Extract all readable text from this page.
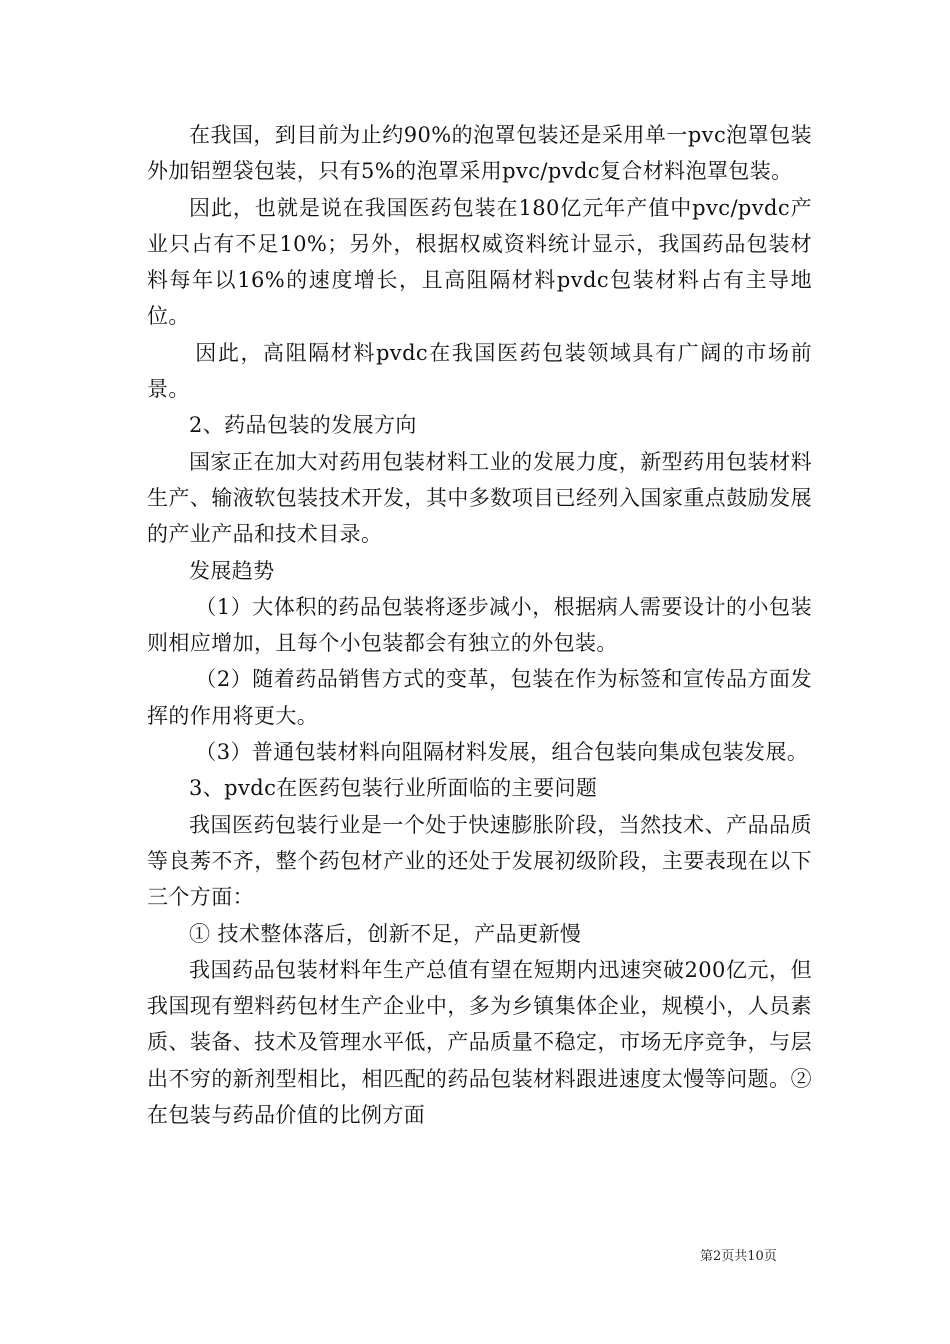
在我国，到目前为止约90%的泡罩包装还是采用单一pvc泡罩包装外加铝塑袋包装，只有5%的泡罩采用pvc/pvdc复合材料泡罩包装。

因此，也就是说在我国医药包装在180亿元年产值中pvc/pvdc产业只占有不足10%；另外，根据权威资料统计显示，我国药品包装材料每年以16%的速度增长，且高阻隔材料pvdc包装材料占有主导地位。

因此，高阻隔材料pvdc在我国医药包装领域具有广阔的市场前景。

2、药品包装的发展方向

国家正在加大对药用包装材料工业的发展力度，新型药用包装材料生产、输液软包装技术开发，其中多数项目已经列入国家重点鼓励发展的产业产品和技术目录。

发展趋势

（1）大体积的药品包装将逐步减小，根据病人需要设计的小包装则相应增加，且每个小包装都会有独立的外包装。

（2）随着药品销售方式的变革，包装在作为标签和宣传品方面发挥的作用将更大。

（3）普通包装材料向阻隔材料发展，组合包装向集成包装发展。

3、pvdc在医药包装行业所面临的主要问题

我国医药包装行业是一个处于快速膨胀阶段，当然技术、产品品质等良莠不齐，整个药包材产业的还处于发展初级阶段，主要表现在以下三个方面：

① 技术整体落后，创新不足，产品更新慢

我国药品包装材料年生产总值有望在短期内迅速突破200亿元，但我国现有塑料药包材生产企业中，多为乡镇集体企业，规模小，人员素质、装备、技术及管理水平低，产品质量不稳定，市场无序竞争，与层出不穷的新剂型相比，相匹配的药品包装材料跟进速度太慢等问题。②在包装与药品价值的比例方面

第2页共10页
